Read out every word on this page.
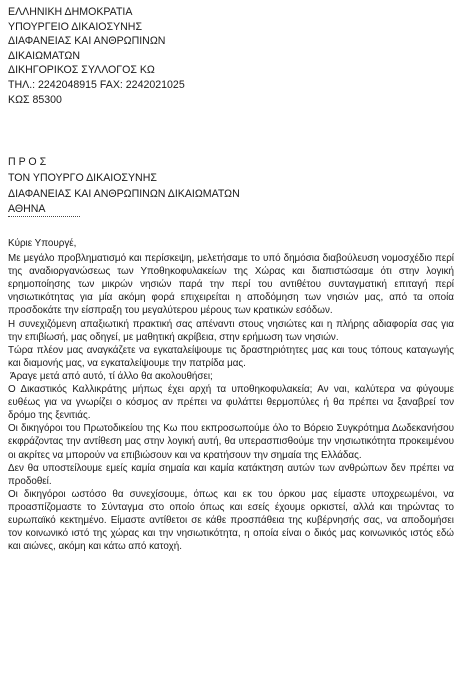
ΕΛΛΗΝΙΚΗ ΔΗΜΟΚΡΑΤΙΑ
ΥΠΟΥΡΓΕΙΟ ΔΙΚΑΙΟΣΥΝΗΣ
ΔΙΑΦΑΝΕΙΑΣ ΚΑΙ ΑΝΘΡΩΠΙΝΩΝ
ΔΙΚΑΙΩΜΑΤΩΝ
ΔΙΚΗΓΟΡΙΚΟΣ ΣΥΛΛΟΓΟΣ ΚΩ
ΤΗΛ.: 2242048915 FAX: 2242021025
ΚΩΣ 85300
Π Ρ Ο Σ
ΤΟΝ ΥΠΟΥΡΓΟ ΔΙΚΑΙΟΣΥΝΗΣ
ΔΙΑΦΑΝΕΙΑΣ ΚΑΙ ΑΝΘΡΩΠΙΝΩΝ ΔΙΚΑΙΩΜΑΤΩΝ
ΑΘΗΝΑ

Κύριε Υπουργέ,

Με μεγάλο προβληματισμό και περίσκεψη, μελετήσαμε το υπό δημόσια διαβούλευση νομοσχέδιο περί της αναδιοργανώσεως των Υποθηκοφυλακείων της Χώρας και διαπιστώσαμε ότι στην λογική ερημοποίησης των μικρών νησιών παρά την περί του αντιθέτου συνταγματική επιταγή περί νησιωτικότητας για μία ακόμη φορά επιχειρείται η αποδόμηση των νησιών μας, από τα οποία προσδοκάτε την είσπραξη του μεγαλύτερου μέρους των κρατικών εσόδων.

Η συνεχιζόμενη απαξιωτική πρακτική σας απέναντι στους νησιώτες και η πλήρης αδιαφορία σας για την επιβίωσή, μας οδηγεί, με μαθητική ακρίβεια, στην ερήμωση των νησιών.

Τώρα πλέον μας αναγκάζετε να εγκαταλείψουμε τις δραστηριότητες μας και τους τόπους καταγωγής και διαμονής μας, να εγκαταλείψουμε την πατρίδα μας.

Άραγε μετά από αυτό, τί άλλο θα ακολουθήσει;

Ο Δικαστικός Καλλικράτης μήπως έχει αρχή τα υποθηκοφυλακεία; Αν ναι, καλύτερα να φύγουμε ευθέως για να γνωρίζει ο κόσμος αν πρέπει να φυλάττει θερμοπύλες ή θα πρέπει να ξαναβρεί τον δρόμο της ξενιτιάς.

Οι δικηγόροι του Πρωτοδικείου της Κω που εκπροσωπούμε όλο το Βόρειο Συγκρότημα Δωδεκανήσου εκφράζοντας την αντίθεση μας στην λογική αυτή, θα υπερασπισθούμε την νησιωτικότητα προκειμένου οι ακρίτες να μπορούν να επιβιώσουν και να κρατήσουν την σημαία της Ελλάδας.

Δεν θα υποστείλουμε εμείς καμία σημαία και καμία κατάκτηση αυτών των ανθρώπων δεν πρέπει να προδοθεί.

Οι δικηγόροι ωστόσο θα συνεχίσουμε, όπως και εκ του όρκου μας είμαστε υποχρεωμένοι, να προασπίζομαστε το Σύνταγμα στο οποίο όπως και εσείς έχουμε ορκιστεί, αλλά και τηρώντας το ευρωπαϊκό κεκτημένο. Είμαστε αντίθετοι σε κάθε προσπάθεια της κυβέρνησής σας, να αποδομήσει τον κοινωνικό ιστό της χώρας και την νησιωτικότητα, η οποία είναι ο δικός μας κοινωνικός ιστός εδώ και αιώνες, ακόμη και κάτω από κατοχή.
